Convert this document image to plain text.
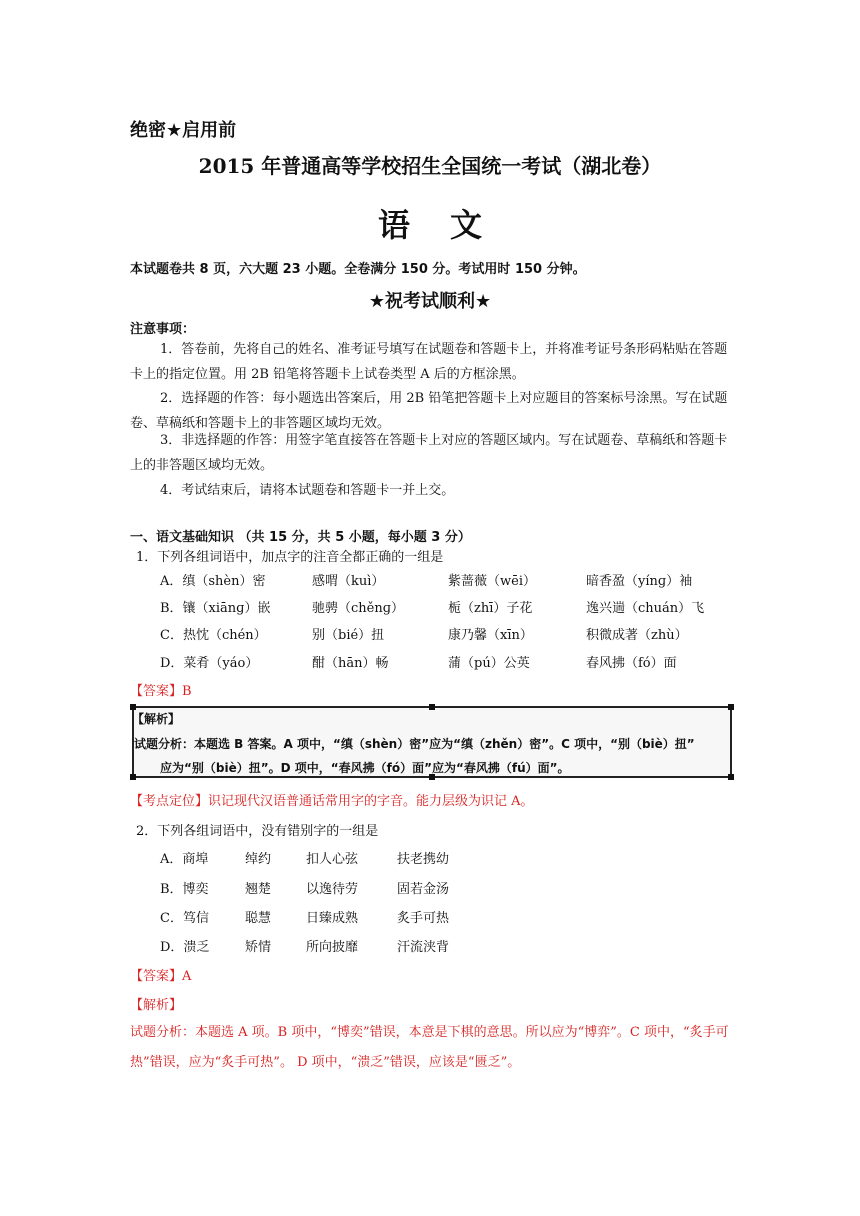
绝密★启用前
2015 年普通高等学校招生全国统一考试（湖北卷）
语文
本试题卷共 8 页，六大题 23 小题。全卷满分 150 分。考试用时 150 分钟。
★祝考试顺利★
注意事项：
1．答卷前，先将自己的姓名、准考证号填写在试题卷和答题卡上，并将准考证号条形码粘贴在答题卡上的指定位置。用 2B 铅笔将答题卡上试卷类型 A 后的方框涂黑。
2．选择题的作答：每小题选出答案后，用 2B 铅笔把答题卡上对应题目的答案标号涂黑。写在试题卷、草稿纸和答题卡上的非答题区域均无效。
3．非选择题的作答：用签字笔直接答在答题卡上对应的答题区域内。写在试题卷、草稿纸和答题卡上的非答题区域均无效。
4．考试结束后，请将本试题卷和答题卡一并上交。
一、语文基础知识 （共 15 分，共 5 小题，每小题 3 分）
1．下列各组词语中，加点字的注音全都正确的一组是
A．缜（shèn）密	感喟（kuì）	紫蔷薇（wēi）	暗香盈（yínɡ）袖
B．镶（xiānɡ）嵌	驰骋（chěnɡ）	栀（zhī）子花	逸兴遄（chuán）飞
C．热忱（chén）	别（bié）扭	康乃馨（xīn）	积微成著（zhù）
D．菜肴（yáo）	酣（hān）畅	蒲（pú）公英	春风拂（fó）面
【答案】B
【解析】
试题分析：本题选 B 答案。A 项中，“缜（shèn）密”应为“缜（zhěn）密”。C 项中，“别（biè）扭”
应为“别（biè）扭”。D 项中，“春风拂（fó）面”应为“春风拂（fú）面”。
【考点定位】识记现代汉语普通话常用字的字音。能力层级为识记 A。
2．下列各组词语中，没有错别字的一组是
A．商埠	绰约	扣人心弦	扶老携幼
B．博奕	翘楚	以逸待劳	固若金汤
C．笃信	聪慧	日臻成熟	炙手可热
D．溃乏	矫情	所向披靡	汗流浃背
【答案】A
【解析】
试题分析：本题选 A 项。B 项中，“博奕”错误，本意是下棋的意思。所以应为“博弈”。C 项中，“炙手可热”错误，应为“炙手可热”。 D 项中，“溃乏”错误，应该是“匮乏”。
